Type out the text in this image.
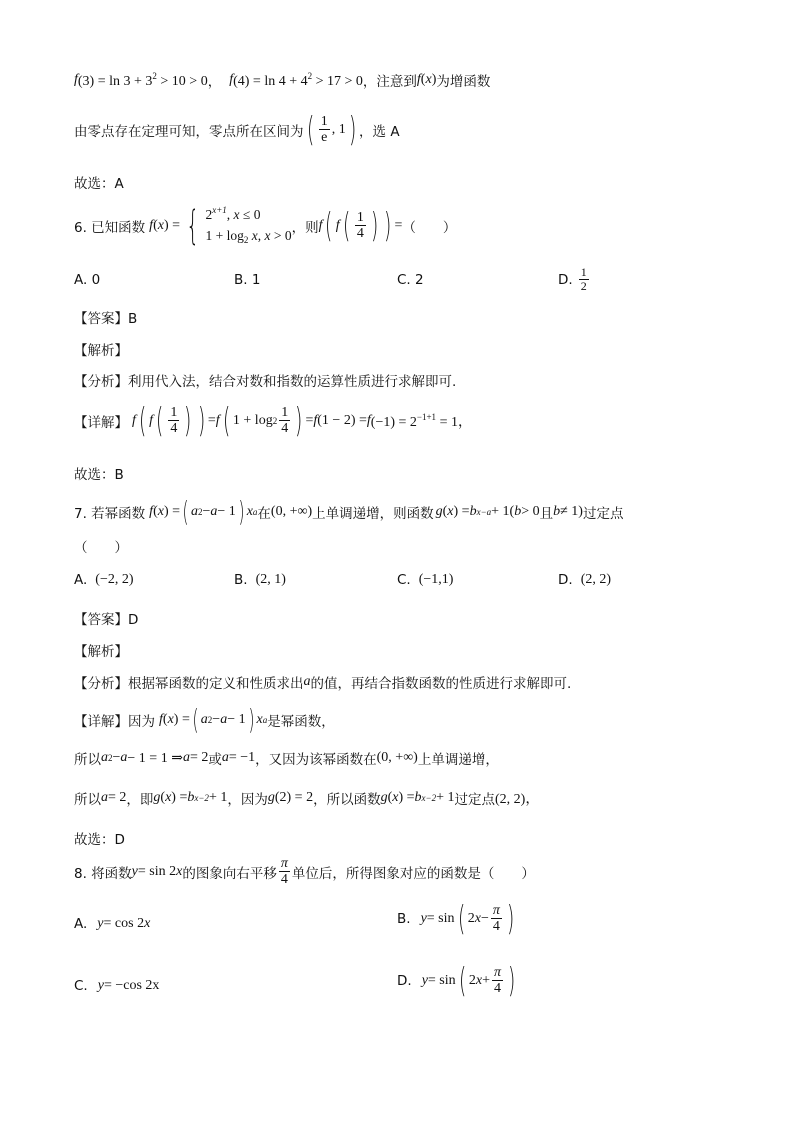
f $(3) = \ln 3 + 3^2 > 10 > 0$ ， f $(4) = \ln 4 + 4^2 > 17 > 0$ ，注意到 f ( x ) 为增函数
由零点存在定理可知，零点所在区间为 ( $\frac{1}{e}$ , 1 ) ，选 A
故选：A
6. 已知函数 f ( x ) = { $2^{x+1}$, x ≤ 0
$1 + \log_2 x$, x > 0 ，则 f ( f ( $\frac{1}{4}$ ) ) = （　　）
A. 0	B. 1	C. 2	D. $\frac{1}{2}$
【答案】B
【解析】
【分析】利用代入法，结合对数和指数的运算性质进行求解即可.
【详解】 f ( f ( $\frac{1}{4}$ ) ) = f ( $1 + \log 2 \frac{1}{4}$ ) = f (1 − 2) = f $(-1) = 2^{-1+1} = 1$，
故选：B
7. 若幂函数 f ( x ) = ( a 2 − a − 1 ) x a 在 (0, +∞) 上单调递增，则函数 g ( x ) = b x−a + 1( b > 0 且 b ≠ 1) 过定点
（　　）
A. (−2, 2)	B. (2, 1)	C. (−1,1)	D. (2, 2)
【答案】D
【解析】
【分析】根据幂函数的定义和性质求出 a 的值，再结合指数函数的性质进行求解即可.
【详解】因为 f ( x ) = ( a 2 − a − 1 ) x a 是幂函数，
所以 a 2 − a − 1 = 1 ⇒ a = 2 或 a = −1 ，又因为该幂函数在 (0, +∞) 上单调递增，
所以 a = 2 ，即 g ( x ) = b x−2 + 1 ，因为 g (2) = 2 ，所以函数 g ( x ) = b x−2 + 1 过定点 (2, 2)，
故选：D
8. 将函数 y = sin 2 x 的图象向右平移 $\frac{\pi}{4}$ 单位后，所得图象对应的函数是（　　）
A. y = cos 2 x	B. y = sin ( 2 $x - \frac{\pi}{4}$ )
C. y = −cos 2x	D. y = sin ( 2 $x + \frac{\pi}{4}$ )
